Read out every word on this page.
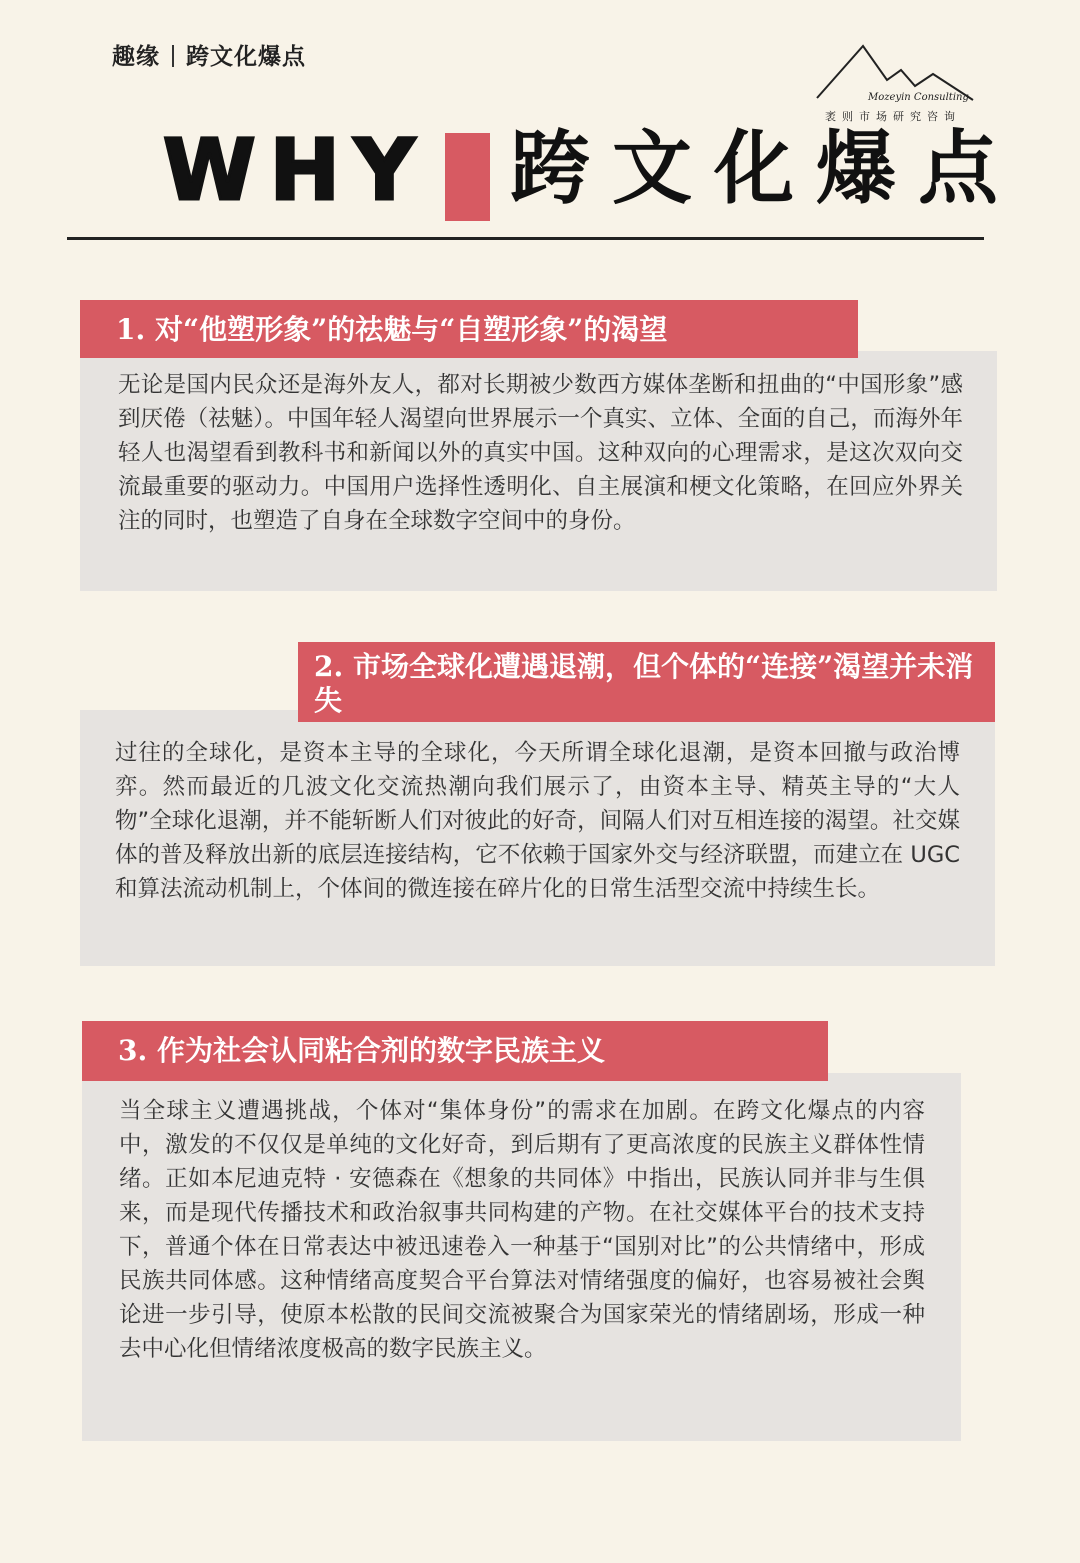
趣缘 跨文化爆点
Mozeyin Consulting
袤则市场研究咨询
WHY 跨文化爆点
1. 对“他塑形象”的祛魅与“自塑形象”的渴望
无论是国内民众还是海外友人，都对长期被少数西方媒体垄断和扭曲的“中国形象”感到厌倦（祛魅）。中国年轻人渴望向世界展示一个真实、立体、全面的自己，而海外年轻人也渴望看到教科书和新闻以外的真实中国。这种双向的心理需求，是这次双向交流最重要的驱动力。中国用户选择性透明化、自主展演和梗文化策略，在回应外界关注的同时，也塑造了自身在全球数字空间中的身份。
2. 市场全球化遭遇退潮，但个体的“连接”渴望并未消失
过往的全球化，是资本主导的全球化，今天所谓全球化退潮，是资本回撤与政治博弈。然而最近的几波文化交流热潮向我们展示了，由资本主导、精英主导的“大人物”全球化退潮，并不能斩断人们对彼此的好奇，间隔人们对互相连接的渴望。社交媒体的普及释放出新的底层连接结构，它不依赖于国家外交与经济联盟，而建立在 UGC 和算法流动机制上，个体间的微连接在碎片化的日常生活型交流中持续生长。
3. 作为社会认同粘合剂的数字民族主义
当全球主义遭遇挑战，个体对“集体身份”的需求在加剧。在跨文化爆点的内容中，激发的不仅仅是单纯的文化好奇，到后期有了更高浓度的民族主义群体性情绪。正如本尼迪克特 · 安德森在《想象的共同体》中指出，民族认同并非与生俱来，而是现代传播技术和政治叙事共同构建的产物。在社交媒体平台的技术支持下，普通个体在日常表达中被迅速卷入一种基于“国别对比”的公共情绪中，形成民族共同体感。这种情绪高度契合平台算法对情绪强度的偏好，也容易被社会舆论进一步引导，使原本松散的民间交流被聚合为国家荣光的情绪剧场，形成一种去中心化但情绪浓度极高的数字民族主义。
